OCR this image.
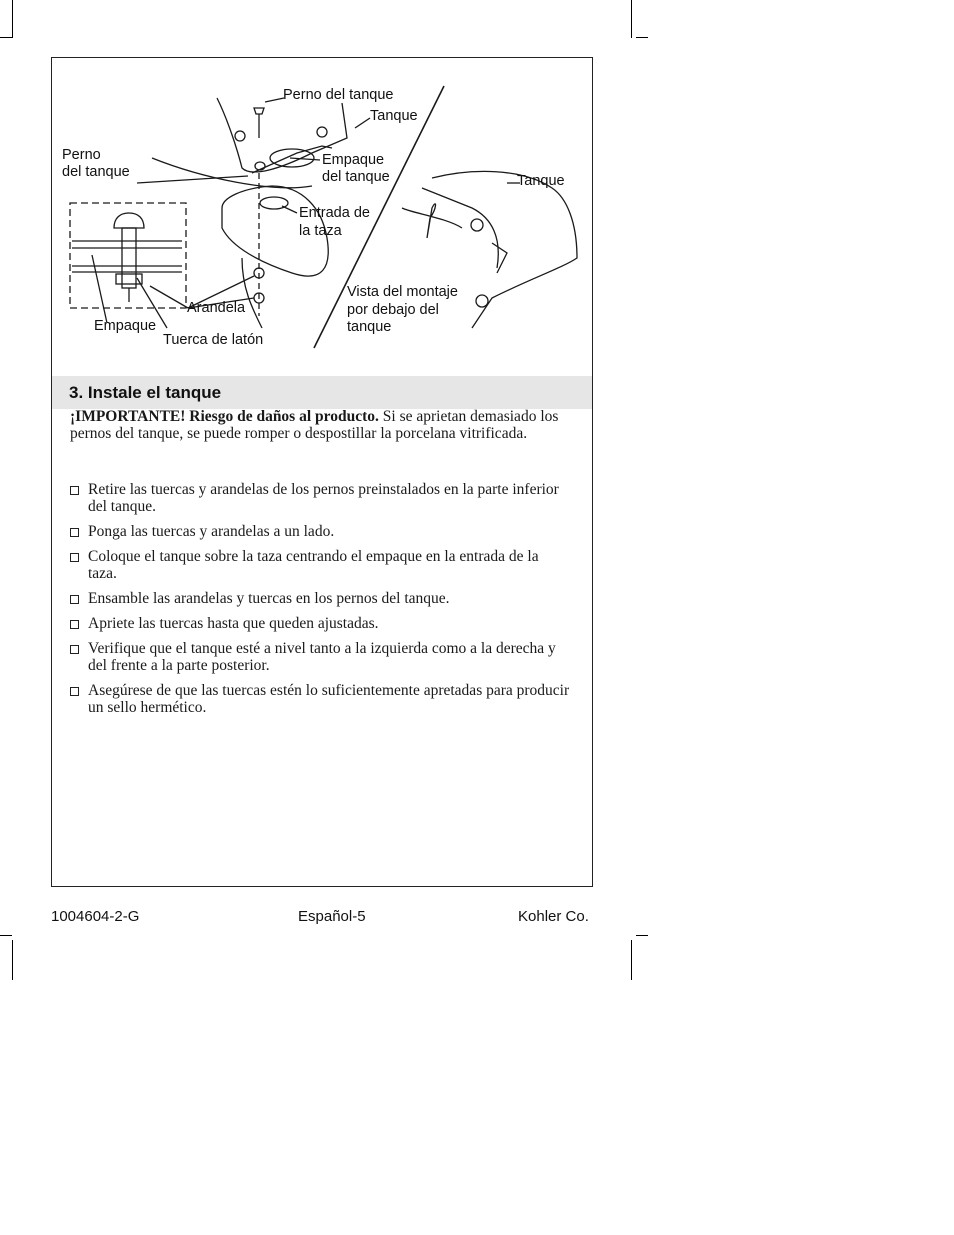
Perno del tanque
Tanque
Perno
del tanque
Empaque
del tanque
Entrada de
la taza
Tanque
Arandela
Empaque
Tuerca de latón
Vista del montaje
por debajo del
tanque
3. Instale el tanque
¡IMPORTANTE! Riesgo de daños al producto. Si se aprietan demasiado los pernos del tanque, se puede romper o despostillar la porcelana vitrificada.
Retire las tuercas y arandelas de los pernos preinstalados en la parte inferior del tanque.
Ponga las tuercas y arandelas a un lado.
Coloque el tanque sobre la taza centrando el empaque en la entrada de la taza.
Ensamble las arandelas y tuercas en los pernos del tanque.
Apriete las tuercas hasta que queden ajustadas.
Verifique que el tanque esté a nivel tanto a la izquierda como a la derecha y del frente a la parte posterior.
Asegúrese de que las tuercas estén lo suficientemente apretadas para producir un sello hermético.
1004604-2-G	Español-5	Kohler Co.
